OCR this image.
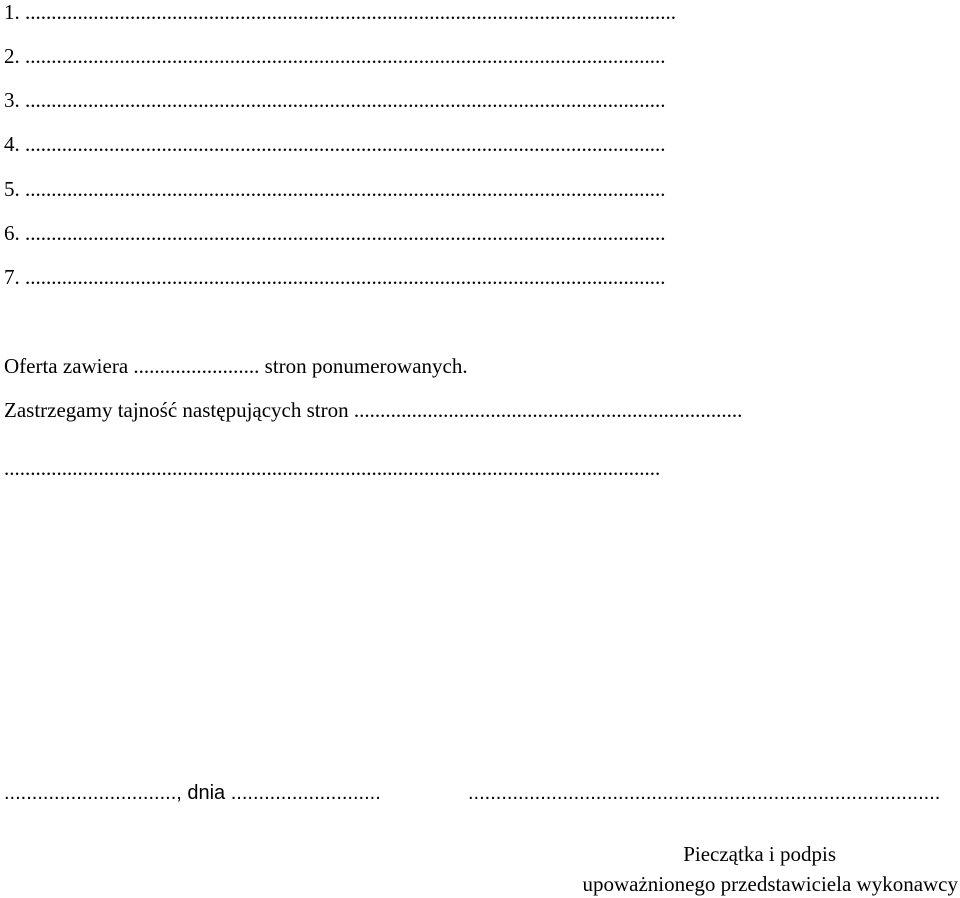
1. ............................................................................................................................
2. ..........................................................................................................................
3. ..........................................................................................................................
4. ..........................................................................................................................
5. ..........................................................................................................................
6. ..........................................................................................................................
7. ..........................................................................................................................
Oferta zawiera ........................ stron ponumerowanych.
Zastrzegamy tajność następujących stron ..........................................................................
.............................................................................................................................
..............................., dnia ...........................	.....................................................................................
Pieczątka i podpis
upoważnionego przedstawiciela wykonawcy
